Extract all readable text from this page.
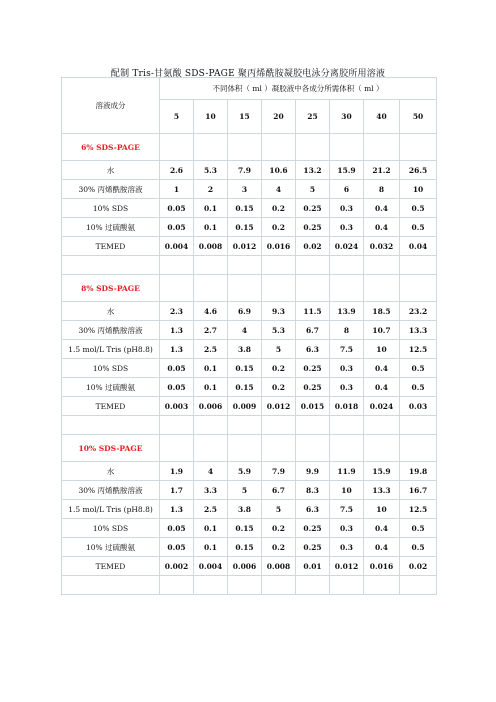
配制 Tris-甘氨酸 SDS-PAGE 聚丙烯酰胺凝胶电泳分离胶所用溶液
溶液成分	不同体积（ ml ）凝胶液中各成分所需体积（ ml ）							
	5	10	15	20	25	30	40	50
6% SDS-PAGE								
水	2.6	5.3	7.9	10.6	13.2	15.9	21.2	26.5
30% 丙烯酰胺溶液	1	2	3	4	5	6	8	10
10% SDS	0.05	0.1	0.15	0.2	0.25	0.3	0.4	0.5
10% 过硫酸氨	0.05	0.1	0.15	0.2	0.25	0.3	0.4	0.5
TEMED	0.004	0.008	0.012	0.016	0.02	0.024	0.032	0.04

8% SDS-PAGE								
水	2.3	4.6	6.9	9.3	11.5	13.9	18.5	23.2
30% 丙烯酰胺溶液	1.3	2.7	4	5.3	6.7	8	10.7	13.3
1.5 mol/L Tris (pH8.8)	1.3	2.5	3.8	5	6.3	7.5	10	12.5
10% SDS	0.05	0.1	0.15	0.2	0.25	0.3	0.4	0.5
10% 过硫酸氨	0.05	0.1	0.15	0.2	0.25	0.3	0.4	0.5
TEMED	0.003	0.006	0.009	0.012	0.015	0.018	0.024	0.03

10% SDS-PAGE								
水	1.9	4	5.9	7.9	9.9	11.9	15.9	19.8
30% 丙烯酰胺溶液	1.7	3.3	5	6.7	8.3	10	13.3	16.7
1.5 mol/L Tris (pH8.8)	1.3	2.5	3.8	5	6.3	7.5	10	12.5
10% SDS	0.05	0.1	0.15	0.2	0.25	0.3	0.4	0.5
10% 过硫酸氨	0.05	0.1	0.15	0.2	0.25	0.3	0.4	0.5
TEMED	0.002	0.004	0.006	0.008	0.01	0.012	0.016	0.02
